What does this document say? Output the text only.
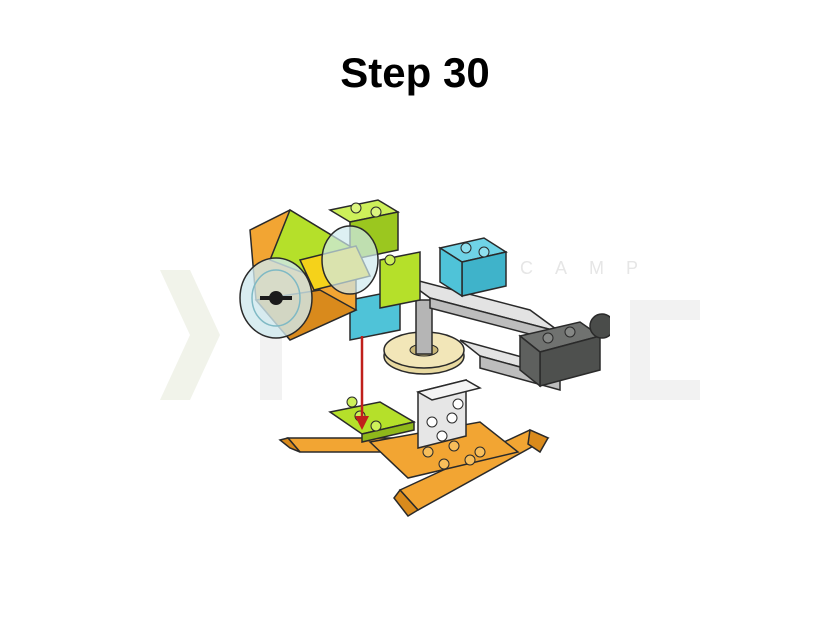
Step 30
CAMP
